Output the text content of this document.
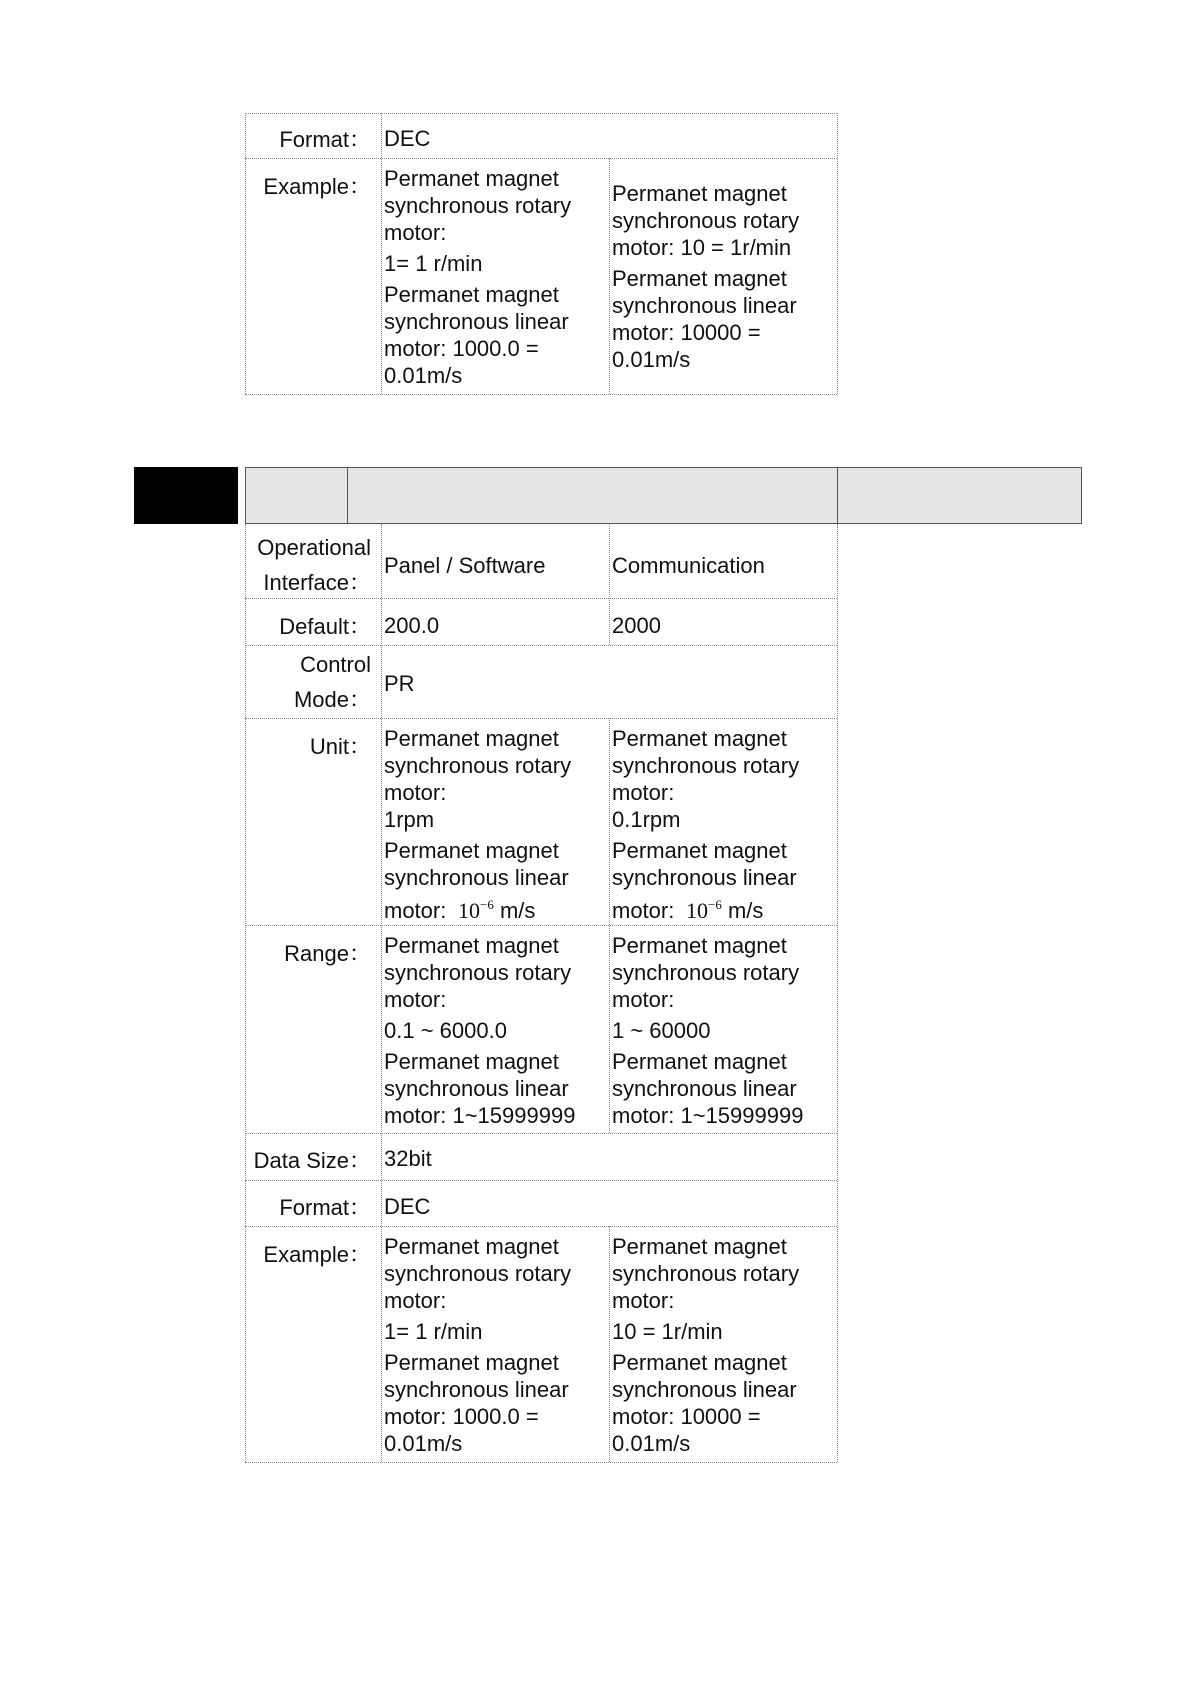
Format： DEC
Example： Permanet magnet
synchronous rotary
motor:
1= 1 r/min
Permanet magnet
synchronous linear
motor: 1000.0 =
0.01m/s
Permanet magnet
synchronous rotary
motor: 10 = 1r/min
Permanet magnet
synchronous linear
motor: 10000 =
0.01m/s
Operational
Interface：
Panel / Software	Communication
Default： 200.0	2000
Control
Mode：
PR
Unit： Permanet magnet
synchronous rotary
motor:
1rpm
Permanet magnet
synchronous linear
motor: $10^{-6}$ m/s
Permanet magnet
synchronous rotary
motor:
0.1rpm
Permanet magnet
synchronous linear
motor: $10^{-6}$ m/s
Range： Permanet magnet
synchronous rotary
motor:
0.1 ~ 6000.0
Permanet magnet
synchronous linear
motor: 1~15999999
Permanet magnet
synchronous rotary
motor:
1 ~ 60000
Permanet magnet
synchronous linear
motor: 1~15999999
Data Size： 32bit
Format： DEC
Example： Permanet magnet
synchronous rotary
motor:
1= 1 r/min
Permanet magnet
synchronous linear
motor: 1000.0 =
0.01m/s
Permanet magnet
synchronous rotary
motor:
10 = 1r/min
Permanet magnet
synchronous linear
motor: 10000 =
0.01m/s
